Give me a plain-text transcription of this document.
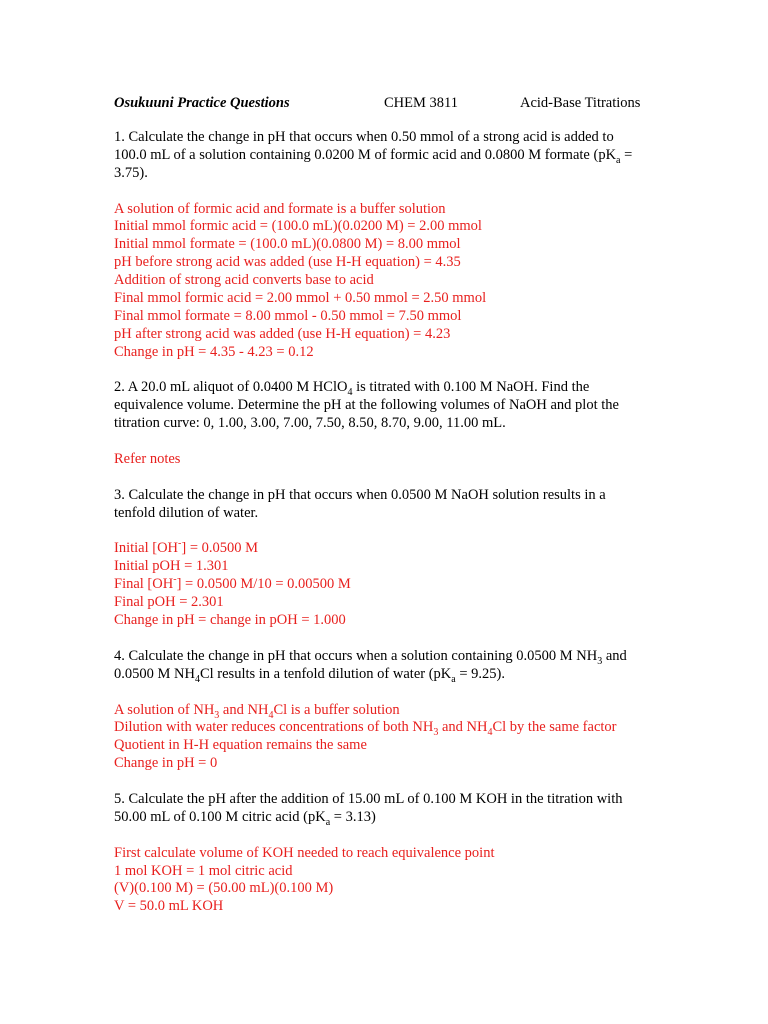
Osukuuni Practice Questions	CHEM 3811	Acid-Base Titrations
1. Calculate the change in pH that occurs when 0.50 mmol of a strong acid is added to
100.0 mL of a solution containing 0.0200 M of formic acid and 0.0800 M formate ($pK_a$ =
3.75).
A solution of formic acid and formate is a buffer solution
Initial mmol formic acid = (100.0 mL)(0.0200 M) = 2.00 mmol
Initial mmol formate = (100.0 mL)(0.0800 M) = 8.00 mmol
pH before strong acid was added (use H-H equation) = 4.35
Addition of strong acid converts base to acid
Final mmol formic acid = 2.00 mmol + 0.50 mmol = 2.50 mmol
Final mmol formate = 8.00 mmol - 0.50 mmol = 7.50 mmol
pH after strong acid was added (use H-H equation) = 4.23
Change in pH = 4.35 - 4.23 = 0.12
2. A 20.0 mL aliquot of 0.0400 M HClO$_4$ is titrated with 0.100 M NaOH. Find the
equivalence volume. Determine the pH at the following volumes of NaOH and plot the
titration curve: 0, 1.00, 3.00, 7.00, 7.50, 8.50, 8.70, 9.00, 11.00 mL.
Refer notes
3. Calculate the change in pH that occurs when 0.0500 M NaOH solution results in a
tenfold dilution of water.
Initial [OH-] = 0.0500 M
Initial pOH = 1.301
Final [OH-] = 0.0500 M/10 = 0.00500 M
Final pOH = 2.301
Change in pH = change in pOH = 1.000
4. Calculate the change in pH that occurs when a solution containing 0.0500 M $NH_3$ and
0.0500 M $NH_4Cl$ results in a tenfold dilution of water $(pK_a = 9.25)$.
A solution of $NH_3$ and $NH_4Cl$ is a buffer solution
Dilution with water reduces concentrations of both $NH_3$ and $NH_4Cl$ by the same factor
Quotient in H-H equation remains the same
Change in pH = 0
5. Calculate the pH after the addition of 15.00 mL of 0.100 M KOH in the titration with
50.00 mL of 0.100 M citric acid $(pK_a = 3.13)$
First calculate volume of KOH needed to reach equivalence point
1 mol KOH = 1 mol citric acid
(V)(0.100 M) = (50.00 mL)(0.100 M)
V = 50.0 mL KOH
